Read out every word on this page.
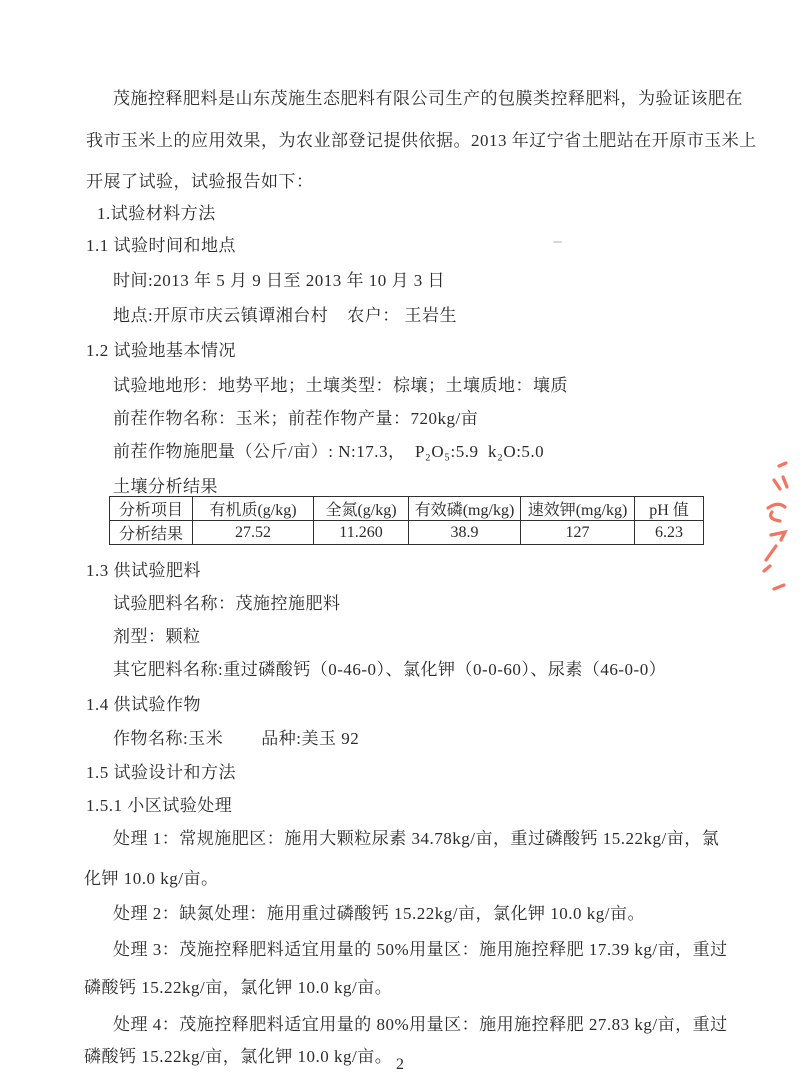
茂施控释肥料是山东茂施生态肥料有限公司生产的包膜类控释肥料，为验证该肥在
我市玉米上的应用效果，为农业部登记提供依据。2013 年辽宁省土肥站在开原市玉米上
开展了试验，试验报告如下：
1.试验材料方法
1.1 试验时间和地点
时间:2013 年 5 月 9 日至 2013 年 10 月 3 日
地点:开原市庆云镇谭湘台村    农户： 王岩生
1.2 试验地基本情况
试验地地形：地势平地；土壤类型：棕壤；土壤质地：壤质
前茬作物名称：玉米；前茬作物产量：720kg/亩
前茬作物施肥量（公斤/亩）: N:17.3，  P₂O₅:5.9  k₂O:5.0
土壤分析结果
分析项目	有机质(g/kg)	全氮(g/kg)	有效磷(mg/kg)	速效钾(mg/kg)	pH 值
分析结果	27.52	11.260	38.9	127	6.23
1.3 供试验肥料
试验肥料名称：茂施控施肥料
剂型：颗粒
其它肥料名称:重过磷酸钙（0-46-0）、氯化钾（0-0-60）、尿素（46-0-0）
1.4 供试验作物
作物名称:玉米        品种:美玉 92
1.5 试验设计和方法
1.5.1 小区试验处理
处理 1：常规施肥区：施用大颗粒尿素 34.78kg/亩，重过磷酸钙 15.22kg/亩，氯
化钾 10.0 kg/亩。
处理 2：缺氮处理：施用重过磷酸钙 15.22kg/亩，氯化钾 10.0 kg/亩。
处理 3：茂施控释肥料适宜用量的 50%用量区：施用施控释肥 17.39 kg/亩，重过
磷酸钙 15.22kg/亩，氯化钾 10.0 kg/亩。
处理 4：茂施控释肥料适宜用量的 80%用量区：施用施控释肥 27.83 kg/亩，重过
磷酸钙 15.22kg/亩，氯化钾 10.0 kg/亩。 2
